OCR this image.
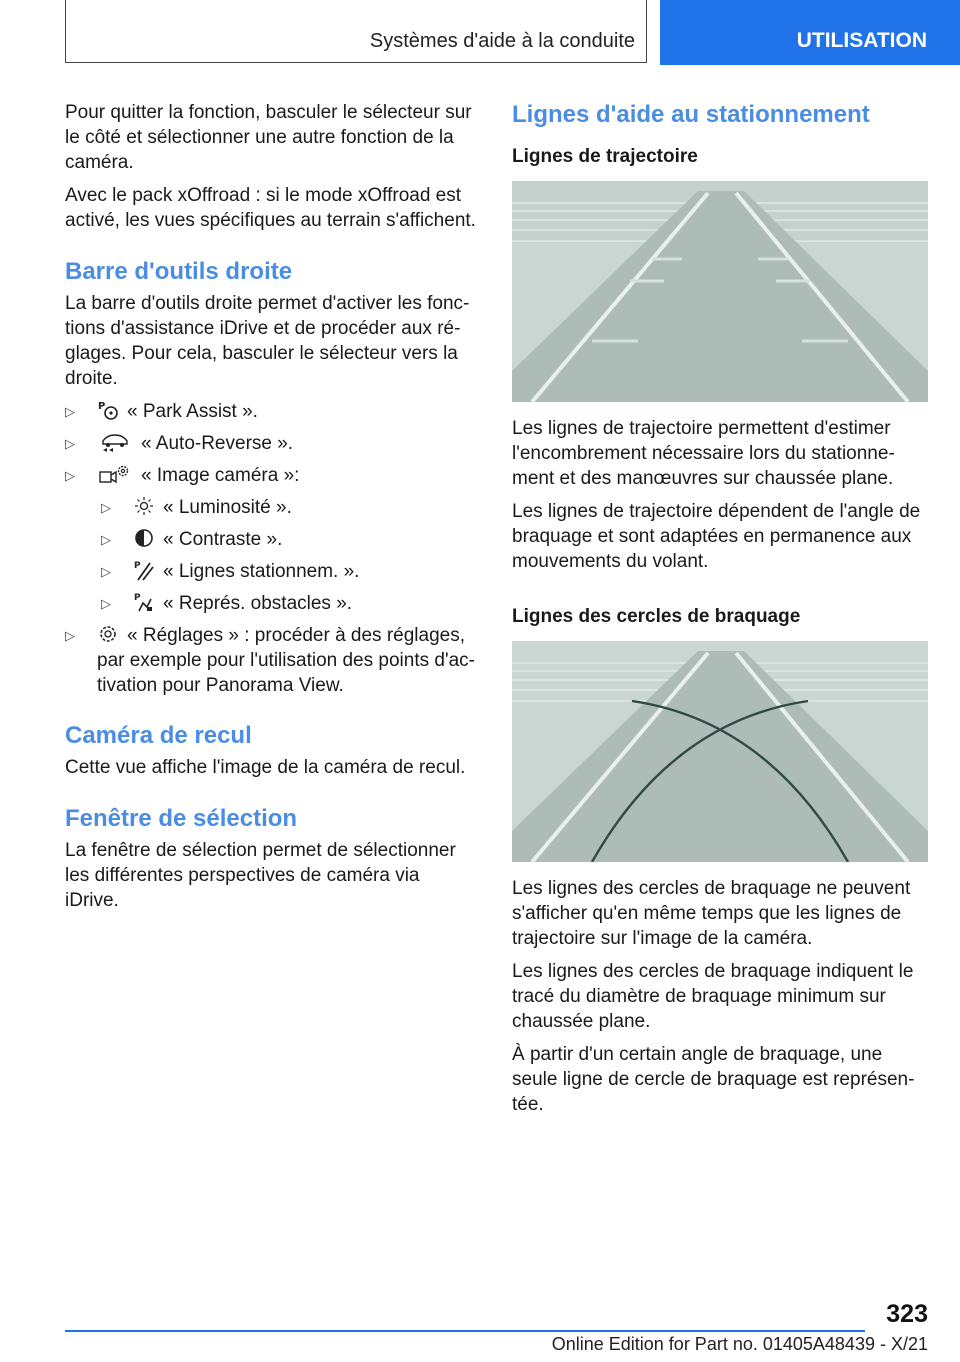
Systèmes d'aide à la conduite	UTILISATION

Pour quitter la fonction, basculer le sélecteur sur le côté et sélectionner une autre fonction de la caméra.

Avec le pack xOffroad : si le mode xOffroad est activé, les vues spécifiques au terrain s'affichent.

Barre d'outils droite

La barre d'outils droite permet d'activer les fonc‐tions d'assistance iDrive et de procéder aux ré‐glages. Pour cela, basculer le sélecteur vers la droite.

▷ P « Park Assist ».
▷	« Auto-Reverse ».
▷	« Image caméra »:
▷	« Luminosité ».
▷	« Contraste ».
▷	P « Lignes stationnem. ».
▷	P « Représ. obstacles ».
▷	« Réglages » : procéder à des réglages, par exemple pour l'utilisation des points d'ac‐tivation pour Panorama View.
Caméra de recul

Cette vue affiche l'image de la caméra de recul.

Fenêtre de sélection

La fenêtre de sélection permet de sélectionner les différentes perspectives de caméra via iDrive.

Lignes d'aide au stationnement
Lignes de trajectoire

Les lignes de trajectoire permettent d'estimer l'encombrement nécessaire lors du stationne‐ment et des manœuvres sur chaussée plane.

Les lignes de trajectoire dépendent de l'angle de braquage et sont adaptées en permanence aux mouvements du volant.

Lignes des cercles de braquage

Les lignes des cercles de braquage ne peuvent s'afficher qu'en même temps que les lignes de trajectoire sur l'image de la caméra.

Les lignes des cercles de braquage indiquent le tracé du diamètre de braquage minimum sur chaussée plane.

À partir d'un certain angle de braquage, une seule ligne de cercle de braquage est représen‐tée.

323
Online Edition for Part no. 01405A48439 - X/21
